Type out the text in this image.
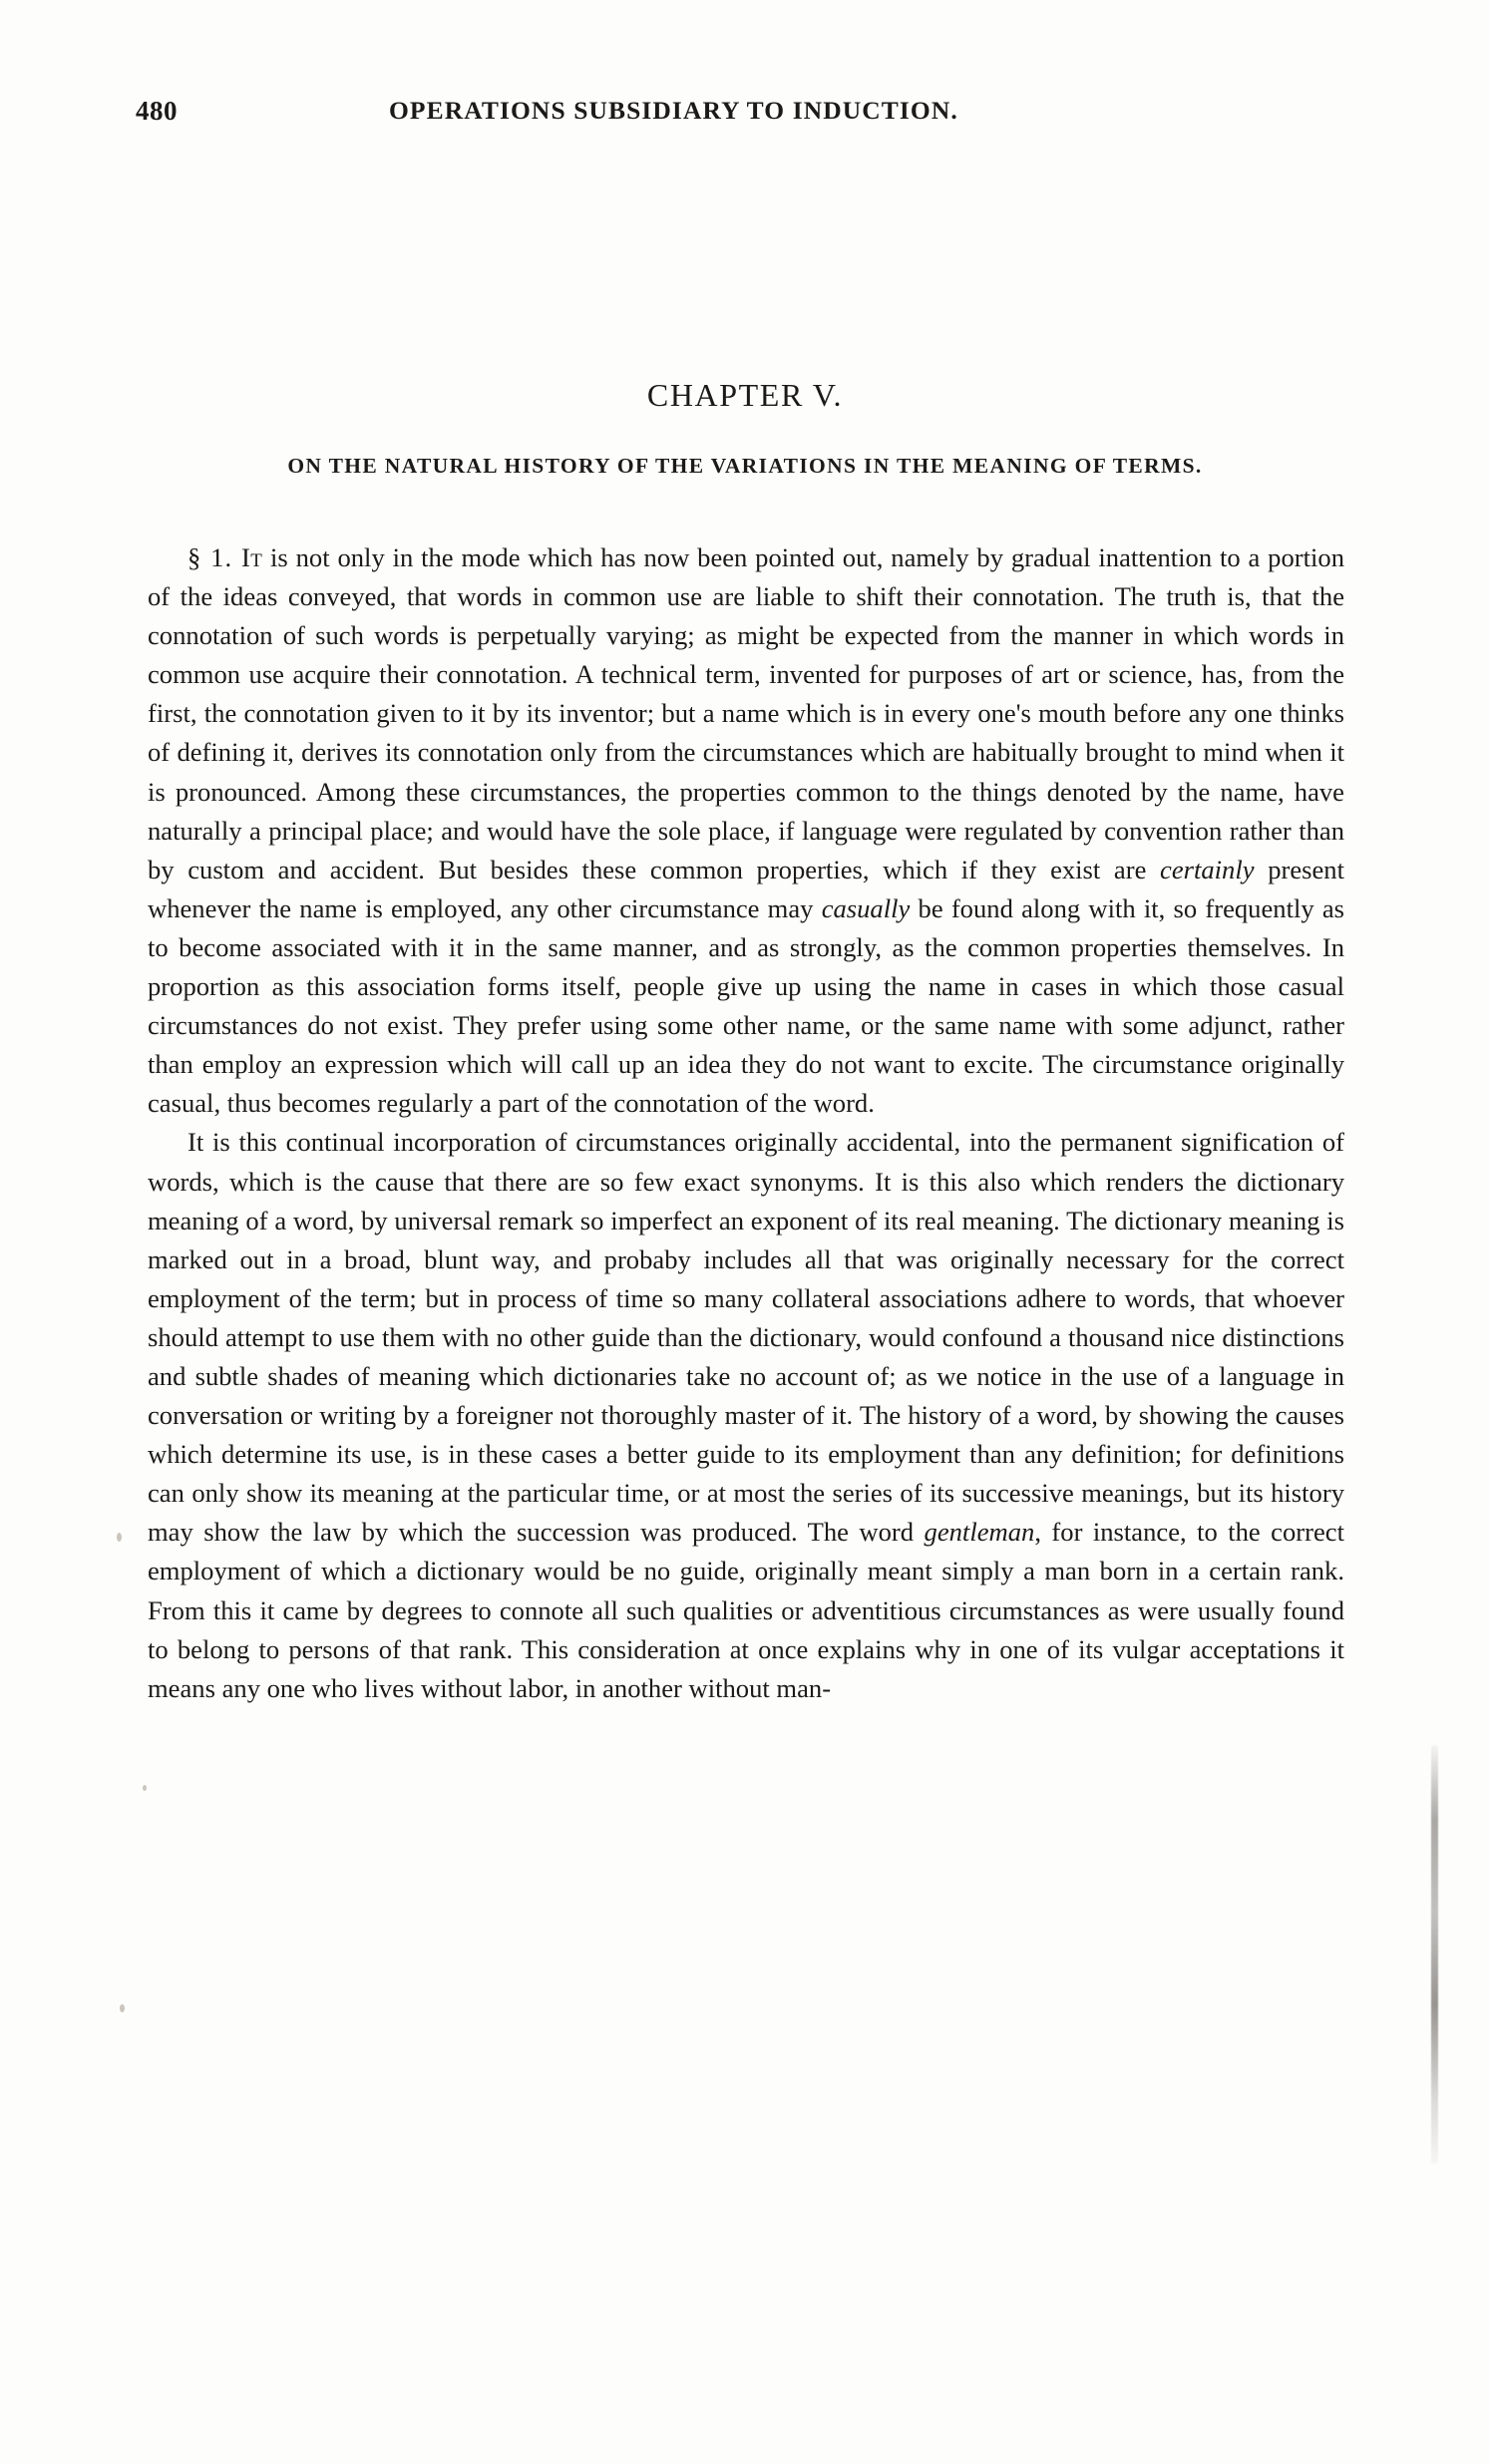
480	OPERATIONS SUBSIDIARY TO INDUCTION.
CHAPTER V.
ON THE NATURAL HISTORY OF THE VARIATIONS IN THE MEANING OF TERMS.

§ 1. It is not only in the mode which has now been pointed out, namely by gradual inattention to a portion of the ideas conveyed, that words in common use are liable to shift their connotation. The truth is, that the connotation of such words is perpetually varying; as might be expected from the manner in which words in common use acquire their connotation. A technical term, invented for purposes of art or science, has, from the first, the connotation given to it by its inventor; but a name which is in every one's mouth before any one thinks of defining it, derives its connotation only from the circumstances which are habitually brought to mind when it is pronounced. Among these circumstances, the properties common to the things denoted by the name, have naturally a principal place; and would have the sole place, if language were regulated by convention rather than by custom and accident. But besides these common properties, which if they exist are certainly present whenever the name is employed, any other circumstance may casually be found along with it, so frequently as to become associated with it in the same manner, and as strongly, as the common properties themselves. In proportion as this association forms itself, people give up using the name in cases in which those casual circumstances do not exist. They prefer using some other name, or the same name with some adjunct, rather than employ an expression which will call up an idea they do not want to excite. The circumstance originally casual, thus becomes regularly a part of the connotation of the word.

It is this continual incorporation of circumstances originally accidental, into the permanent signification of words, which is the cause that there are so few exact synonyms. It is this also which renders the dictionary meaning of a word, by universal remark so imperfect an exponent of its real meaning. The dictionary meaning is marked out in a broad, blunt way, and probaby includes all that was originally necessary for the correct employment of the term; but in process of time so many collateral associations adhere to words, that whoever should attempt to use them with no other guide than the dictionary, would confound a thousand nice distinctions and subtle shades of meaning which dictionaries take no account of; as we notice in the use of a language in conversation or writing by a foreigner not thoroughly master of it. The history of a word, by showing the causes which determine its use, is in these cases a better guide to its employment than any definition; for definitions can only show its meaning at the particular time, or at most the series of its successive meanings, but its history may show the law by which the succession was produced. The word gentleman, for instance, to the correct employment of which a dictionary would be no guide, originally meant simply a man born in a certain rank. From this it came by degrees to connote all such qualities or adventitious circumstances as were usually found to belong to persons of that rank. This consideration at once explains why in one of its vulgar acceptations it means any one who lives without labor, in another without man-
